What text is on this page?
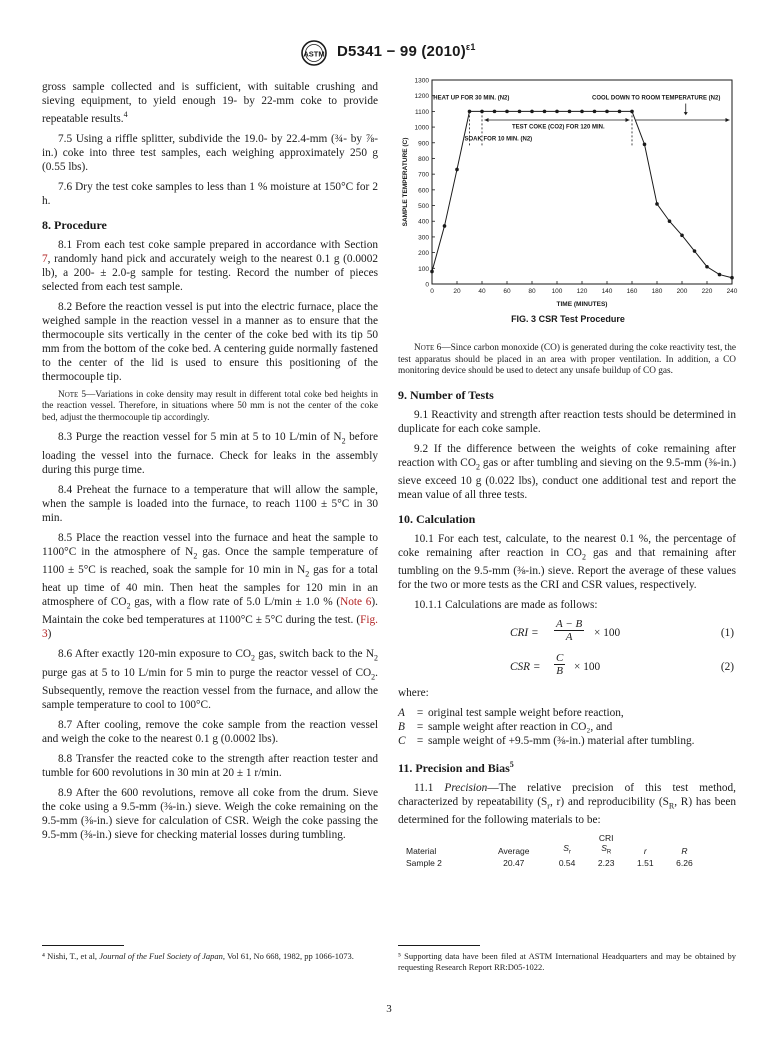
ASTM D5341 − 99 $(2010)^{\varepsilon 1}$

gross sample collected and is sufficient, with suitable crushing and sieving equipment, to yield enough 19- by 22-mm coke to provide repeatable results.$^4$

7.5 Using a riffle splitter, subdivide the 19.0- by 22.4-mm (¾- by ⅞-in.) coke into three test samples, each weighing approximately 250 g (0.55 lbs).

7.6 Dry the test coke samples to less than 1 % moisture at 150°C for 2 h.

8. Procedure

8.1 From each test coke sample prepared in accordance with Section 7, randomly hand pick and accurately weigh to the nearest 0.1 g (0.0002 lb), a 200- ± 2.0-g sample for testing. Record the number of pieces selected from each test sample.

8.2 Before the reaction vessel is put into the electric furnace, place the weighed sample in the reaction vessel in a manner as to ensure that the thermocouple sits vertically in the center of the coke bed with its tip 50 mm from the bottom of the coke bed. A centering guide normally fastened to the center of the lid is used to ensure this positioning of the thermocouple tip.

Note 5—Variations in coke density may result in different total coke bed heights in the reaction vessel. Therefore, in situations where 50 mm is not the center of the coke bed, adjust the thermocouple tip accordingly.

8.3 Purge the reaction vessel for 5 min at 5 to 10 L/min of $N_2$ before loading the vessel into the furnace. Check for leaks in the assembly during this purge time.

8.4 Preheat the furnace to a temperature that will allow the sample, when the sample is loaded into the furnace, to reach 1100 ± 5°C in 30 min.

8.5 Place the reaction vessel into the furnace and heat the sample to 1100°C in the atmosphere of $N_2$ gas. Once the sample temperature of 1100 ± 5°C is reached, soak the sample for 10 min in $N_2$ gas for a total heat up time of 40 min. Then heat the samples for 120 min in an atmosphere of $CO_2$ gas, with a flow rate of 5.0 L/min ± 1.0 % (Note 6). Maintain the coke bed temperatures at 1100°C ± 5°C during the test. (Fig. 3)

8.6 After exactly 120-min exposure to $CO_2$ gas, switch back to the $N_2$ purge gas at 5 to 10 L/min for 5 min to purge the reactor vessel of $CO_2$. Subsequently, remove the reaction vessel from the furnace, and allow the sample temperature to cool to 100°C.

8.7 After cooling, remove the coke sample from the reaction vessel and weigh the coke to the nearest 0.1 g (0.0002 lbs).

8.8 Transfer the reacted coke to the strength after reaction tester and tumble for 600 revolutions in 30 min at 20 ± 1 r/min.

8.9 After the 600 revolutions, remove all coke from the drum. Sieve the coke using a 9.5-mm (⅜-in.) sieve. Weigh the coke remaining on the 9.5-mm (⅜-in.) sieve for calculation of CSR. Weigh the coke passing the 9.5-mm (⅜-in.) sieve for checking material losses during tumbling.

⁴ Nishi, T., et al, Journal of the Fuel Society of Japan, Vol 61, No 668, 1982, pp 1066-1073.
0
100
200
300
400
500
600
700
800
900
1000
1100
1200
1300
0	20	40	60	80 100 120 140 160 180 200 220 240
TIME (MINUTES)
SAMPLE TEMPERATURE (C)
HEAT UP FOR 30 MIN. (N2)	COOL DOWN TO ROOM TEMPERATURE (N2)
TEST COKE (CO2) FOR 120 MIN.
SOAK FOR 10 MIN. (N2)
FIG. 3 CSR Test Procedure

Note 6—Since carbon monoxide (CO) is generated during the coke reactivity test, the test apparatus should be placed in an area with proper ventilation. In addition, a CO monitoring device should be used to detect any unsafe buildup of CO gas.

9. Number of Tests

9.1 Reactivity and strength after reaction tests should be determined in duplicate for each coke sample.

9.2 If the difference between the weights of coke remaining after reaction with $CO_2$ gas or after tumbling and sieving on the 9.5-mm (⅜-in.) sieve exceed 10 g (0.022 lbs), conduct one additional test and report the mean value of all three tests.

10. Calculation

10.1 For each test, calculate, to the nearest 0.1 %, the percentage of coke remaining after reaction in $CO_2$ gas and that remaining after tumbling on the 9.5-mm (⅜-in.) sieve. Report the average of these values for the two or more tests as the CRI and CSR values, respectively.

10.1.1 Calculations are made as follows:

CRI = $\frac{A - B}{A} \times 100$	(1)
CSR = $\frac{C}{B} \times 100$	(2)

where:

A	= original test sample weight before reaction,
B	= sample weight after reaction in CO₂, and
C = sample weight of +9.5-mm (⅜-in.) material after tumbling.
11. Precision and Bias$^5$

11.1 Precision—The relative precision of this test method, characterized by repeatability ($S_r$, r) and reproducibility ($S_R$, R) has been determined for the following materials to be:

			CRI		
Material	Average	$S_r$	$S_R$	r	R
Sample 2	20.47	0.54	2.23	1.51	6.26
⁵ Supporting data have been filed at ASTM International Headquarters and may be obtained by requesting Research Report RR:D05-1022.
3
